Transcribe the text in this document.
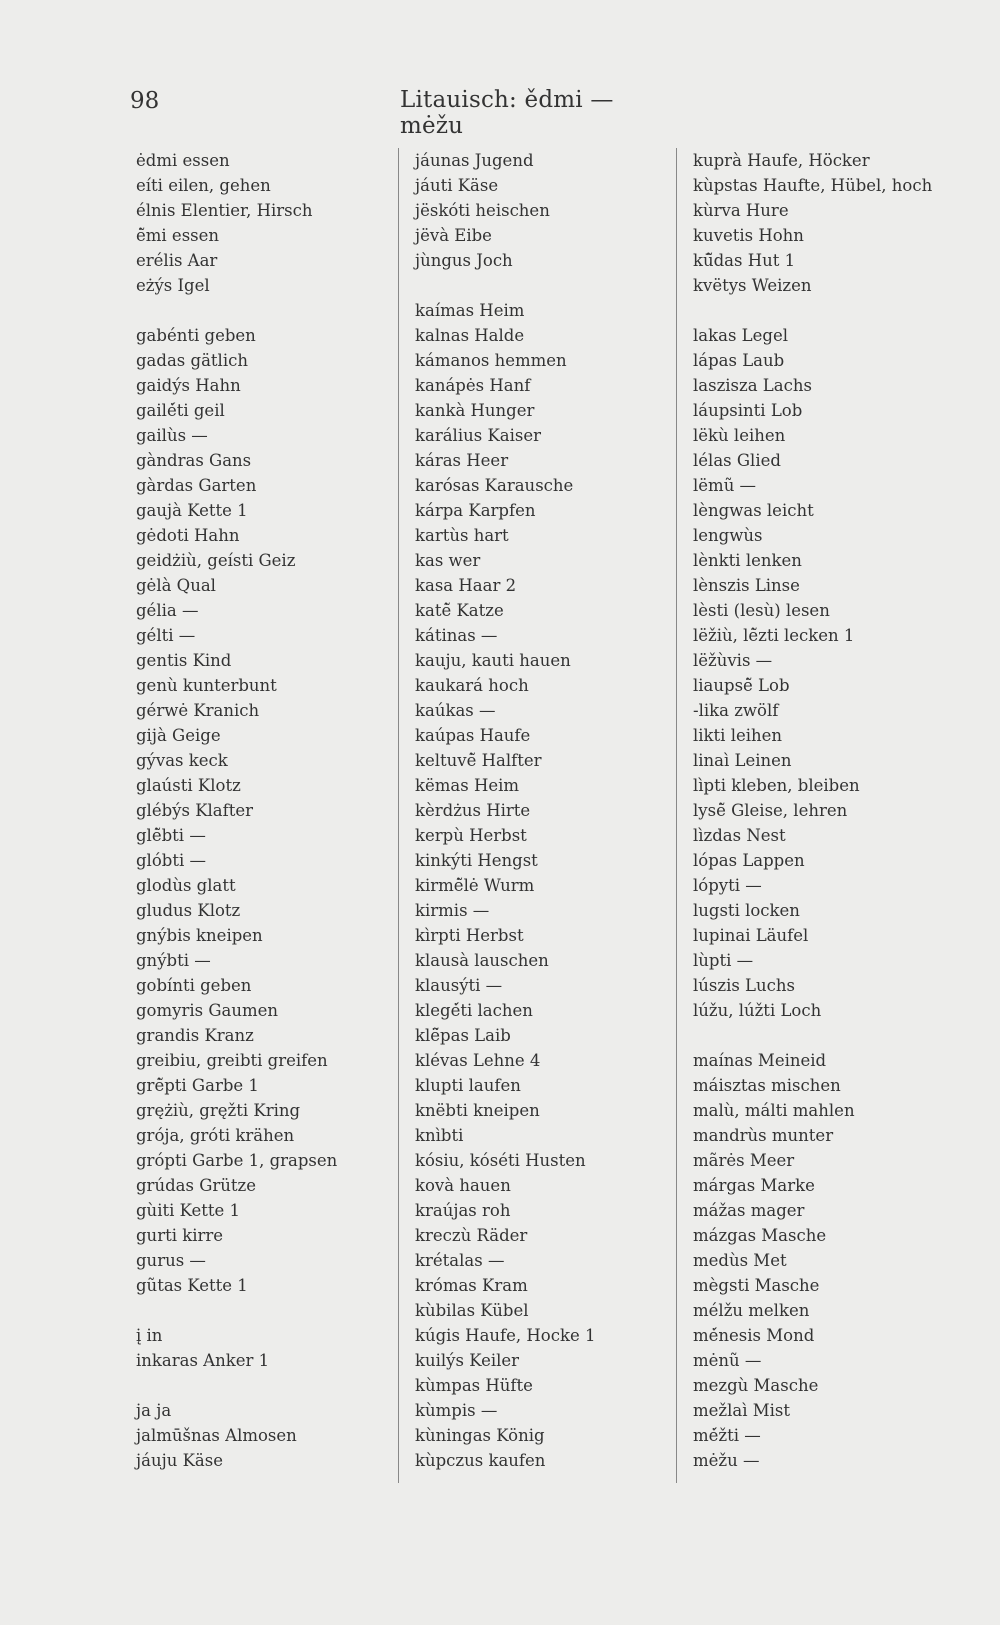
98	Litauisch: ědmi — mėžu
ėdmi essen
eíti eilen, gehen
élnis Elentier, Hirsch
ė̃mi essen
erélis Aar
eżýs Igel
gabénti geben
gadas gätlich
gaidýs Hahn
gailė́ti geil
gailùs —
gàndras Gans
gàrdas Garten
gaujà Kette 1
gėdoti Hahn
geidżiù, geísti Geiz
gėlà Qual
gélia —
gélti —
gentis Kind
genù kunterbunt
gérwė Kranich
gijà Geige
gývas keck
glaústi Klotz
glébýs Klafter
glė̃bti —
glóbti —
glodùs glatt
gludus Klotz
gnýbis kneipen
gnýbti —
gobínti geben
gomyris Gaumen
grandis Kranz
greibiu, greibti greifen
grė̃pti Garbe 1
grężiù, gręžti Kring
grója, gróti krähen
grópti Garbe 1, grapsen
grúdas Grütze
gùiti Kette 1
gurti kirre
gurus —
gũtas Kette 1
į in
inkaras Anker 1
ja ja
jalmūšnas Almosen
jáuju Käse
jáunas Jugend
jáuti Käse
jëskóti heischen
jëvà Eibe
jùngus Joch
kaímas Heim
kalnas Halde
kámanos hemmen
kanápės Hanf
kankà Hunger
karálius Kaiser
káras Heer
karósas Karausche
kárpa Karpfen
kartùs hart
kas wer
kasa Haar 2
katė̃ Katze
kátinas —
kauju, kauti hauen
kaukará hoch
kaúkas —
kaúpas Haufe
keltuvė̃ Halfter
këmas Heim
kèrdżus Hirte
kerpù Herbst
kinkýti Hengst
kirmė̃lė Wurm
kirmis —
kìrpti Herbst
klausà lauschen
klausýti —
klegė́ti lachen
klë̃pas Laib
klévas Lehne 4
klupti laufen
knëbti kneipen
knìbti
kósiu, kóséti Husten
kovà hauen
kraújas roh
kreczù Räder
krétalas —
krómas Kram
kùbilas Kübel
kúgis Haufe, Hocke 1
kuilýs Keiler
kùmpas Hüfte
kùmpis —
kùningas König
kùpczus kaufen
kuprà Haufe, Höcker
kùpstas Haufte, Hübel, hoch
kùrva Hure
kuvetis Hohn
kū̃das Hut 1
kvëtys Weizen
lakas Legel
lápas Laub
laszisza Lachs
láupsinti Lob
lëkù leihen
lélas Glied
lëmũ —
lèngwas leicht
lengwùs
lènkti lenken
lènszis Linse
lèsti (lesù) lesen
lëžiù, lė̃zti lecken 1
lëžùvis —
liaupsė̃ Lob
-lika zwölf
likti leihen
linaì Leinen
lìpti kleben, bleiben
lysė̃ Gleise, lehren
lìzdas Nest
lópas Lappen
lópyti —
lugsti locken
lupinai Läufel
lùpti —
lúszis Luchs
lúžu, lúžti Loch
maínas Meineid
máisztas mischen
malù, málti mahlen
mandrùs munter
mãrės Meer
márgas Marke
mážas mager
mázgas Masche
medùs Met
mègsti Masche
mélžu melken
mė́nesis Mond
mėnũ —
mezgù Masche
mežlaì Mist
mė́žti —
mėžu —
